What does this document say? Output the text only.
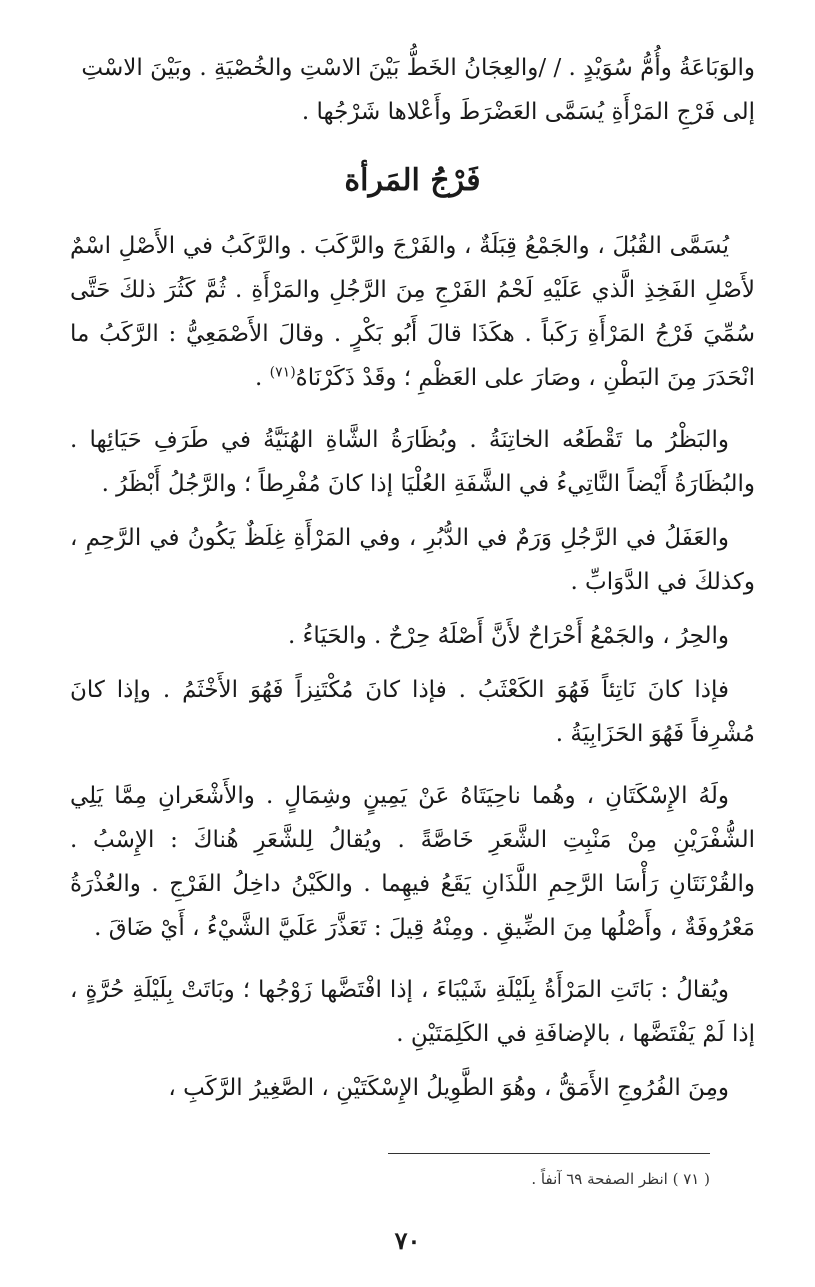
والوَبَاعَةُ وأُمُّ سُوَيْدٍ . / /والعِجَانُ الخَطُّ بَيْنَ الاسْتِ والخُصْيَةِ . وبَيْنَ الاسْتِ

إلى فَرْجِ المَرْأَةِ يُسَمَّى العَضْرَطَ وأَعْلاها شَرْجُها .

فَرْجُ المَرأة

يُسَمَّى القُبُلَ ، والجَمْعُ قِبَلَةٌ ، والفَرْجَ والرَّكَبَ . والرَّكَبُ في الأَصْلِ اسْمٌ لأَصْلِ الفَخِذِ الَّذي عَلَيْهِ لَحْمُ الفَرْجِ مِنَ الرَّجُلِ والمَرْأَةِ . ثُمَّ كَثُرَ ذلكَ حَتَّى سُمِّيَ فَرْجُ المَرْأَةِ رَكَباً . هكَذَا قالَ أَبُو بَكْرٍ . وقالَ الأَصْمَعِيُّ : الرَّكَبُ ما انْحَدَرَ مِنَ البَطْنِ ، وصَارَ على العَظْمِ ؛ وقَدْ ذَكَرْنَاهُ$^{(٧١)}$ .

والبَظْرُ ما تَقْطَعُه الخاتِنَةُ . وبُظَارَةُ الشَّاةِ الهُنَيَّةُ في طَرَفِ حَيَائِها . والبُظَارَةُ أَيْضاً النَّاتِيءُ في الشَّفَةِ العُلْيَا إذا كانَ مُفْرِطاً ؛ والرَّجُلُ أَبْظَرُ .

والعَفَلُ في الرَّجُلِ وَرَمٌ في الدُّبُرِ ، وفي المَرْأَةِ غِلَظٌ يَكُونُ في الرَّحِمِ ، وكذلكَ في الدَّوَابِّ .

والحِرُ ، والجَمْعُ أَحْرَاحٌ لأَنَّ أَصْلَهُ حِرْحٌ . والحَيَاءُ .

فإذا كانَ نَاتِئاً فَهُوَ الكَعْثَبُ . فإذا كانَ مُكْتَنِزاً فَهُوَ الأَخْثَمُ . وإذا كانَ مُشْرِفاً فَهُوَ الحَزَابِيَةُ .

ولَهُ الإِسْكَتَانِ ، وهُما ناحِيَتَاهُ عَنْ يَمِينٍ وشِمَالٍ . والأَشْعَرانِ مِمَّا يَلِي الشُّفْرَيْنِ مِنْ مَنْبِتِ الشَّعَرِ خَاصَّةً . ويُقالُ لِلشَّعَرِ هُناكَ : الإِسْبُ . والقُرْنَتَانِ رَأْسَا الرَّحِمِ اللَّذَانِ يَقَعُ فيهِما . والكَيْنُ داخِلُ الفَرْجِ . والعُذْرَةُ مَعْرُوفَةٌ ، وأَصْلُها مِنَ الضِّيقِ . ومِنْهُ قِيلَ : تَعَذَّرَ عَلَيَّ الشَّيْءُ ، أَيْ ضَاقَ .

ويُقالُ : بَاتَتِ المَرْأَةُ بِلَيْلَةِ شَيْبَاءَ ، إذا افْتَضَّها زَوْجُها ؛ وبَاتَتْ بِلَيْلَةِ حُرَّةٍ ، إذا لَمْ يَفْتَضَّها ، بالإضافَةِ في الكَلِمَتَيْنِ .

ومِنَ الفُرُوجِ الأَمَقُّ ، وهُوَ الطَّوِيلُ الإِسْكَتَيْنِ ، الصَّغِيرُ الرَّكَبِ ،

( ٧١ ) انظر الصفحة ٦٩ آنفاً .
٧٠
